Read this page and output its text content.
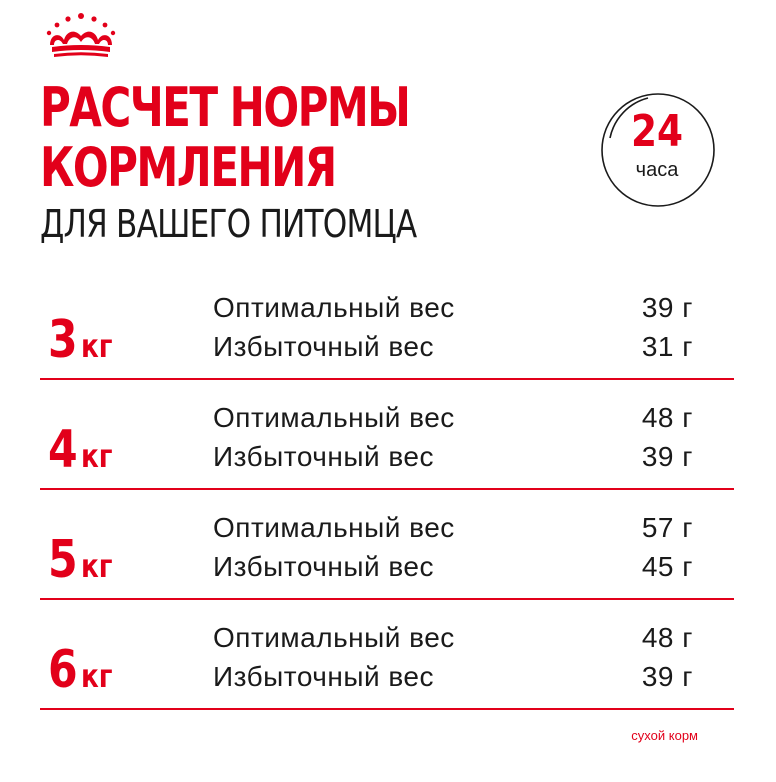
РАСЧЕТ НОРМЫ
КОРМЛЕНИЯ
ДЛЯ ВАШЕГО ПИТОМЦА
24
часа
3 кг
Оптимальный вес	39 г
Избыточный вес	31 г
4 кг
Оптимальный вес	48 г
Избыточный вес	39 г
5 кг
Оптимальный вес	57 г
Избыточный вес	45 г
6 кг
Оптимальный вес	48 г
Избыточный вес	39 г
сухой корм
